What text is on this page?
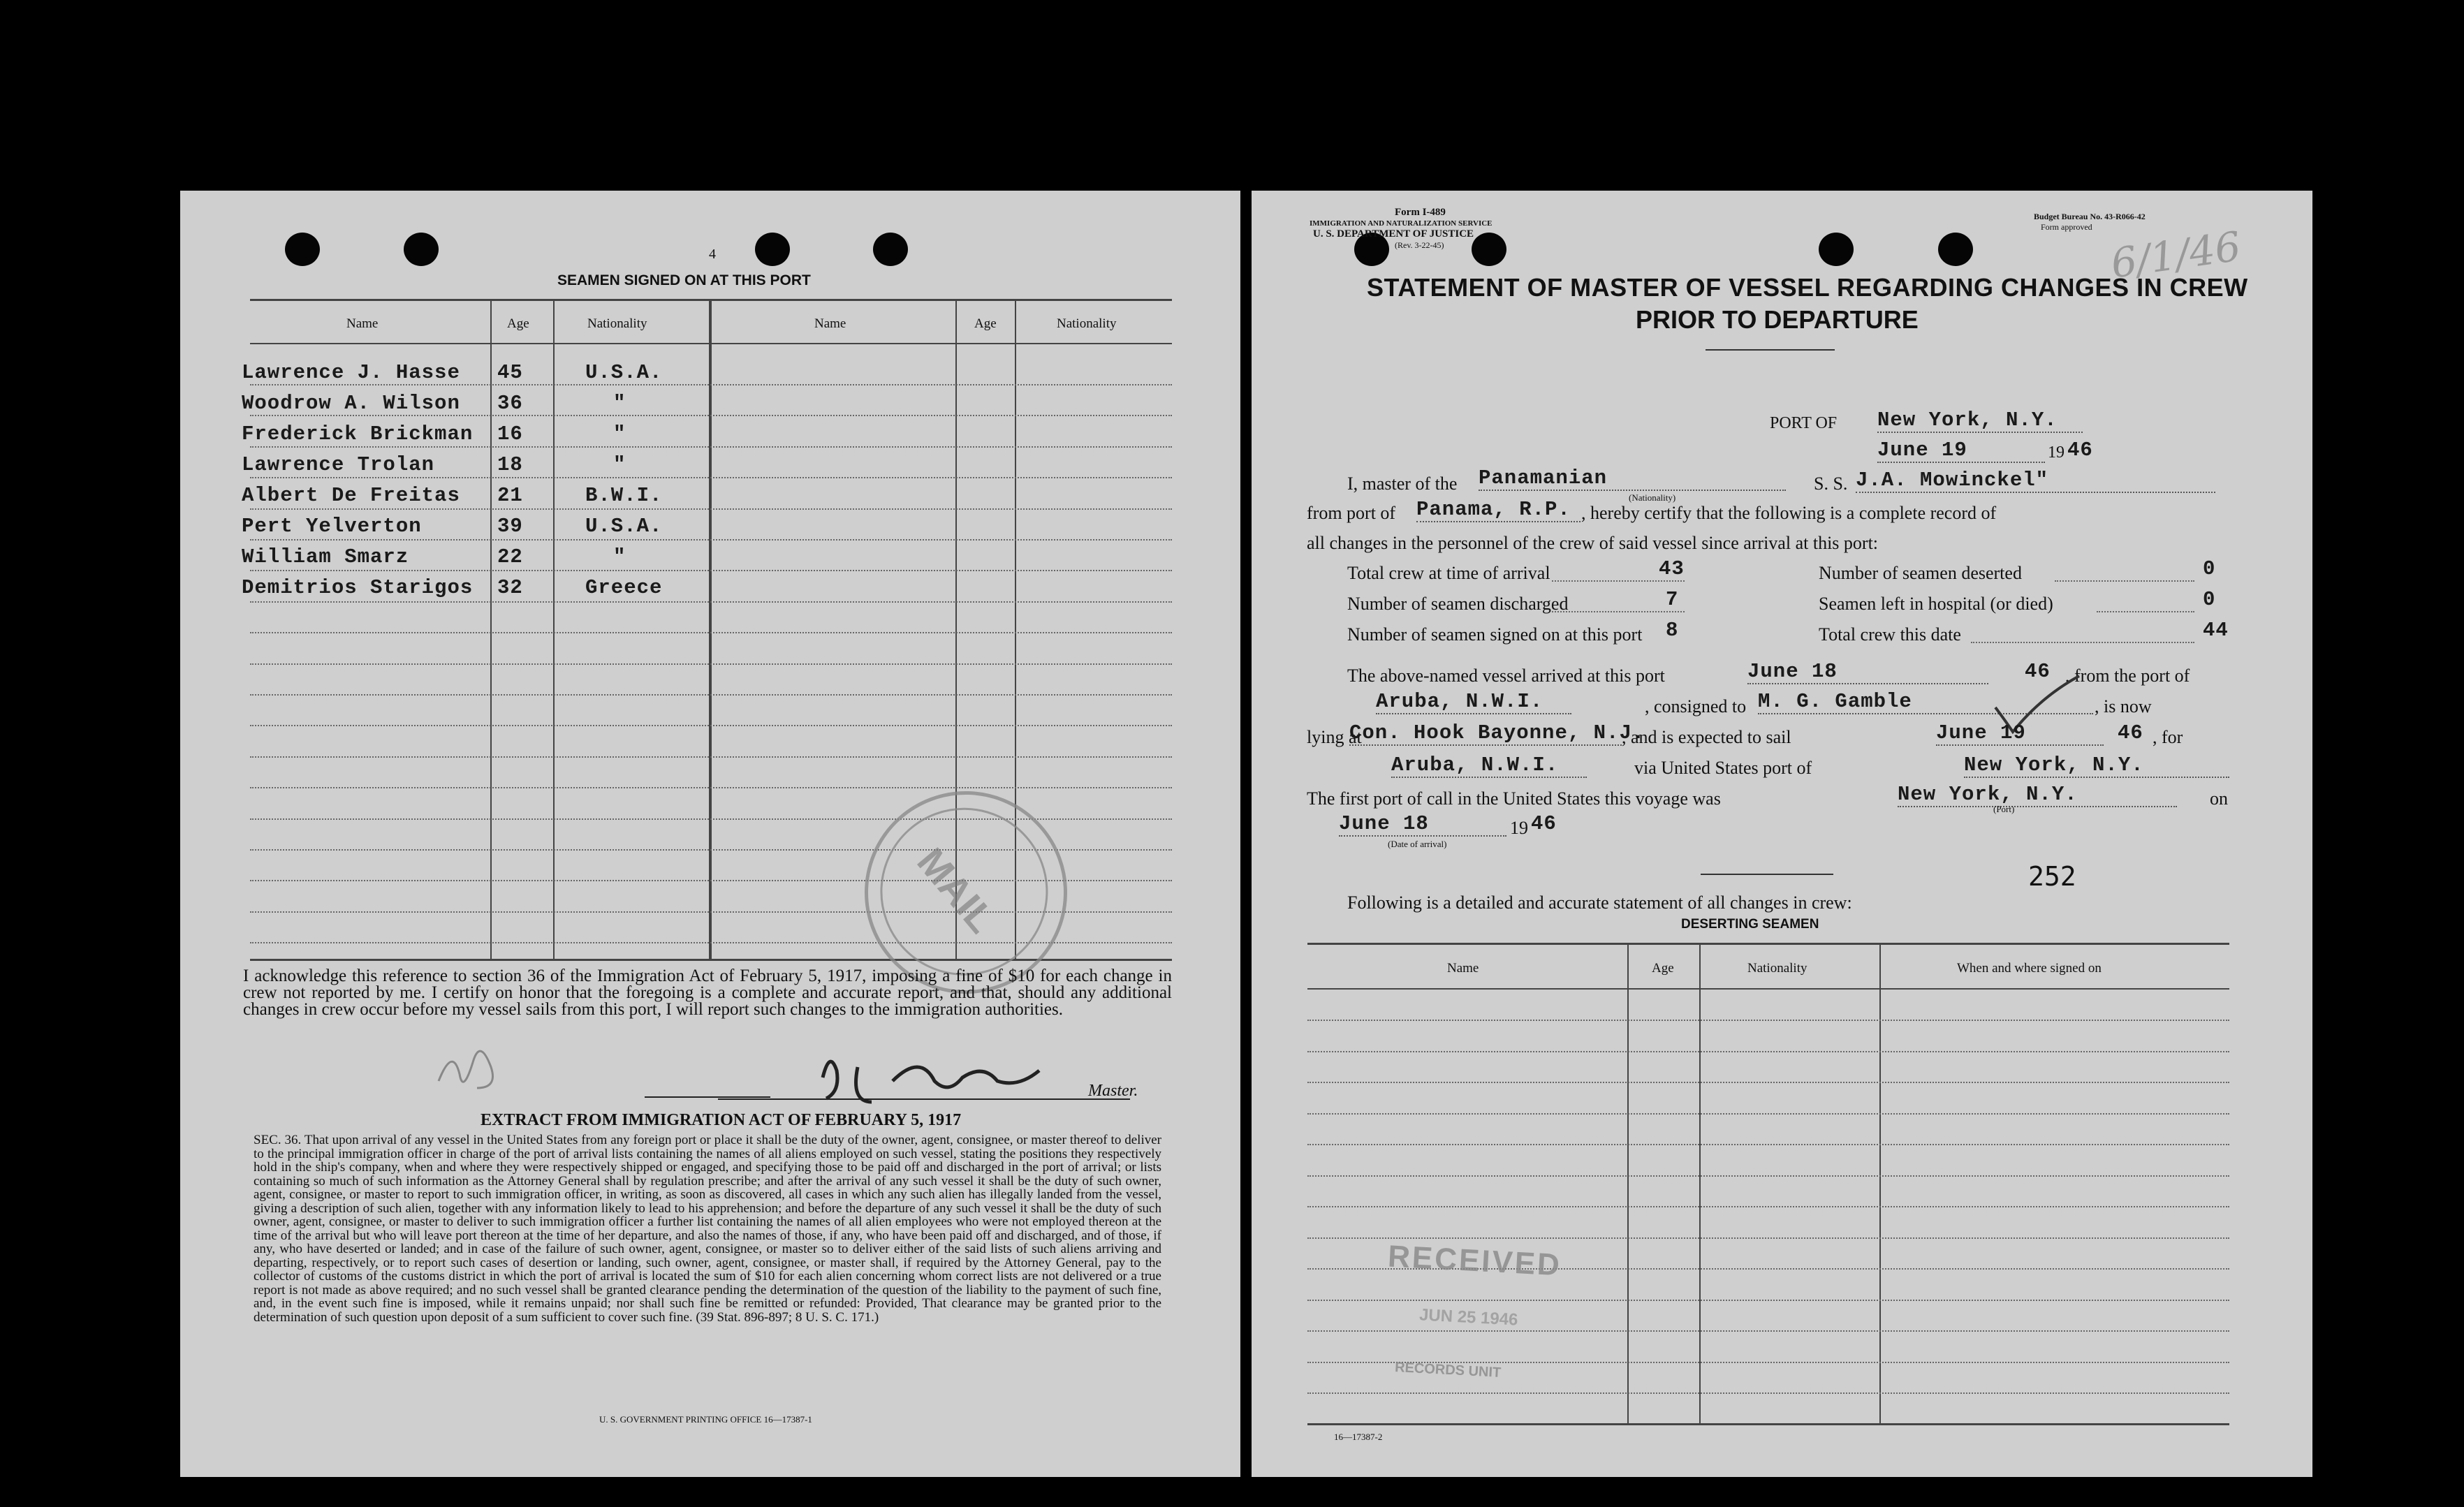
4
SEAMEN SIGNED ON AT THIS PORT
Name	Age	Nationality	Name	Age	Nationality
Lawrence J. Hasse 45	U.S.A.
Woodrow A. Wilson 36	"
Frederick Brickman 16	"
Lawrence Trolan	18	"
Albert De Freitas 21	B.W.I.
Pert Yelverton	39	U.S.A.
William Smarz	22	"
Demitrios Starigos 32	Greece
MAIL
I acknowledge this reference to section 36 of the Immigration Act of February 5, 1917, imposing a fine of $10 for each change in crew not reported by me. I certify on honor that the foregoing is a complete and accurate report, and that, should any additional changes in crew occur before my vessel sails from this port, I will report such changes to the immigration authorities.
Master.
EXTRACT FROM IMMIGRATION ACT OF FEBRUARY 5, 1917
SEC. 36. That upon arrival of any vessel in the United States from any foreign port or place it shall be the duty of the owner, agent, consignee, or master thereof to deliver to the principal immigration officer in charge of the port of arrival lists containing the names of all aliens employed on such vessel, stating the positions they respectively hold in the ship's company, when and where they were respectively shipped or engaged, and specifying those to be paid off and discharged in the port of arrival; or lists containing so much of such information as the Attorney General shall by regulation prescribe; and after the arrival of any such vessel it shall be the duty of such owner, agent, consignee, or master to report to such immigration officer, in writing, as soon as discovered, all cases in which any such alien has illegally landed from the vessel, giving a description of such alien, together with any information likely to lead to his apprehension; and before the departure of any such vessel it shall be the duty of such owner, agent, consignee, or master to deliver to such immigration officer a further list containing the names of all alien employees who were not employed thereon at the time of the arrival but who will leave port thereon at the time of her departure, and also the names of those, if any, who have been paid off and discharged, and of those, if any, who have deserted or landed; and in case of the failure of such owner, agent, consignee, or master so to deliver either of the said lists of such aliens arriving and departing, respectively, or to report such cases of desertion or landing, such owner, agent, consignee, or master shall, if required by the Attorney General, pay to the collector of customs of the customs district in which the port of arrival is located the sum of $10 for each alien concerning whom correct lists are not delivered or a true report is not made as above required; and no such vessel shall be granted clearance pending the determination of the question of the liability to the payment of such fine, and, in the event such fine is imposed, while it remains unpaid; nor shall such fine be remitted or refunded: Provided, That clearance may be granted prior to the determination of such question upon deposit of a sum sufficient to cover such fine. (39 Stat. 896-897; 8 U. S. C. 171.)
U. S. GOVERNMENT PRINTING OFFICE 16—17387-1
Form I-489
IMMIGRATION AND NATURALIZATION SERVICE
U. S. DEPARTMENT OF JUSTICE
(Rev. 3-22-45)
Budget Bureau No. 43-R066-42
Form approved 6/1/46
STATEMENT OF MASTER OF VESSEL REGARDING CHANGES IN CREW
PRIOR TO DEPARTURE
PORT OF New York, N.Y.
June 19	19 46
I, master of the Panamanian
(Nationality)
S. S. J.A. Mowinckel"
from port of Panama, R.P. , hereby certify that the following is a complete record of
all changes in the personnel of the crew of said vessel since arrival at this port:
Total crew at time of arrival	43
Number of seamen discharged	7
Number of seamen signed on at this port 8
Number of seamen deserted	0
Seamen left in hospital (or died)	0
Total crew this date	44
The above-named vessel arrived at this port	June 18	46 , from the port of
Aruba, N.W.I.	, consigned to M. G. Gamble	, is now
lying at
Con. Hook Bayonne, N.J.
, and is expected to sail	June 19	46 , for
Aruba, N.W.I.	via United States port of	New York, N.Y.
The first port of call in the United States this voyage was	New York, N.Y.
(Port)
on
June 18
(Date of arrival)
19 46
252
Following is a detailed and accurate statement of all changes in crew:
DESERTING SEAMEN
Name	Age	Nationality	When and where signed on
RECEIVED
JUN 25 1946
RECORDS UNIT
16—17387-2
